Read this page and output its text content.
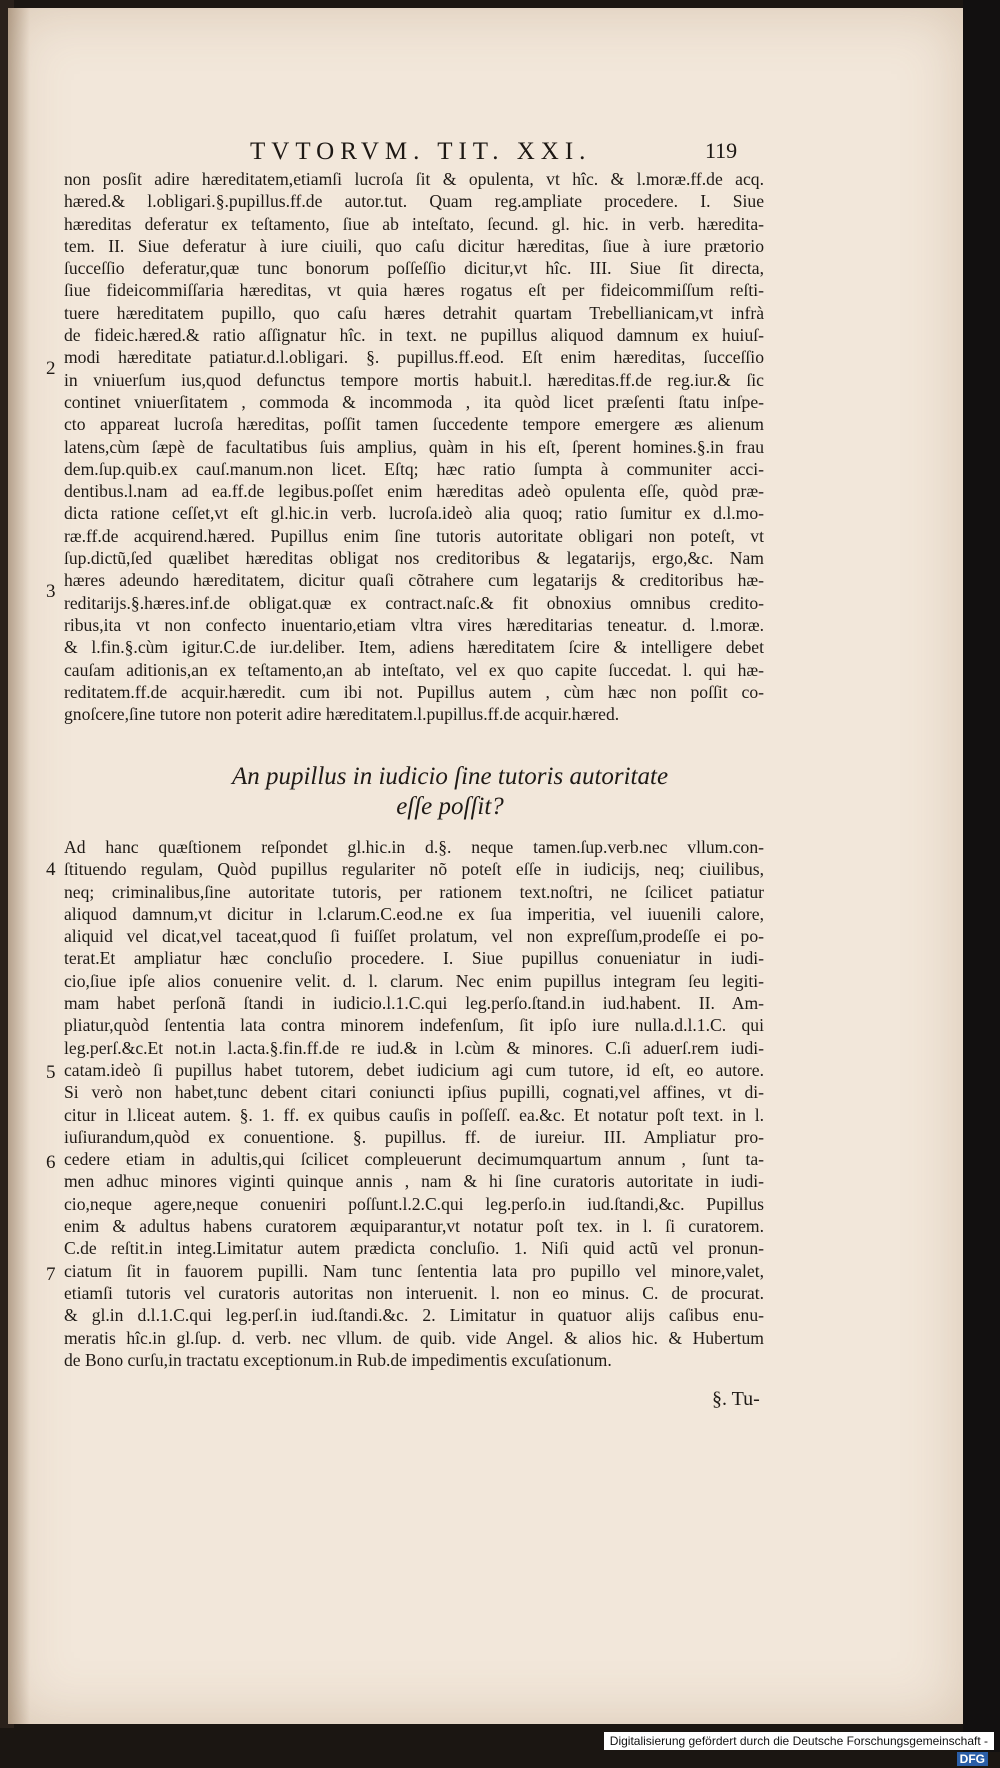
TVTORVM. TIT. XXI.	119
non posſit adire hæreditatem,etiamſi lucroſa ſit & opulenta, vt hîc. & l.moræ.ff.de acq.
hæred.& l.obligari.§.pupillus.ff.de autor.tut. Quam reg.ampliate procedere. I. Siue
hæreditas deferatur ex teſtamento, ſiue ab inteſtato, ſecund. gl. hic. in verb. hæredita-
tem. II. Siue deferatur à iure ciuili, quo caſu dicitur hæreditas, ſiue à iure prætorio
ſucceſſio deferatur,quæ tunc bonorum poſſeſſio dicitur,vt hîc. III. Siue ſit directa,
ſiue fideicommiſſaria hæreditas, vt quia hæres rogatus eſt per fideicommiſſum reſti-
tuere hæreditatem pupillo, quo caſu hæres detrahit quartam Trebellianicam,vt infrà
de fideic.hæred.& ratio aſſignatur hîc. in text. ne pupillus aliquod damnum ex huiuſ-
modi hæreditate patiatur.d.l.obligari. §. pupillus.ff.eod. Eſt enim hæreditas, ſucceſſio
in vniuerſum ius,quod defunctus tempore mortis habuit.l. hæreditas.ff.de reg.iur.& ſic
continet vniuerſitatem , commoda & incommoda , ita quòd licet præſenti ſtatu inſpe-
cto appareat lucroſa hæreditas, poſſit tamen ſuccedente tempore emergere æs alienum
latens,cùm ſæpè de facultatibus ſuis amplius, quàm in his eſt, ſperent homines.§.in frau
dem.ſup.quib.ex cauſ.manum.non licet. Eſtq; hæc ratio ſumpta à communiter acci-
dentibus.l.nam ad ea.ff.de legibus.poſſet enim hæreditas adeò opulenta eſſe, quòd præ-
dicta ratione ceſſet,vt eſt gl.hic.in verb. lucroſa.ideò alia quoq; ratio ſumitur ex d.l.mo-
ræ.ff.de acquirend.hæred. Pupillus enim ſine tutoris autoritate obligari non poteſt, vt
ſup.dictũ,ſed quælibet hæreditas obligat nos creditoribus & legatarijs, ergo,&c. Nam
hæres adeundo hæreditatem, dicitur quaſi cõtrahere cum legatarijs & creditoribus hæ-
reditarijs.§.hæres.inf.de obligat.quæ ex contract.naſc.& fit obnoxius omnibus credito-
ribus,ita vt non confecto inuentario,etiam vltra vires hæreditarias teneatur. d. l.moræ.
& l.fin.§.cùm igitur.C.de iur.deliber. Item, adiens hæreditatem ſcire & intelligere debet
cauſam aditionis,an ex teſtamento,an ab inteſtato, vel ex quo capite ſuccedat. l. qui hæ-
reditatem.ff.de acquir.hæredit. cum ibi not. Pupillus autem , cùm hæc non poſſit co-
gnoſcere,ſine tutore non poterit adire hæreditatem.l.pupillus.ff.de acquir.hæred.
An pupillus in iudicio ſine tutoris autoritate
eſſe poſſit?
Ad hanc quæſtionem reſpondet gl.hic.in d.§. neque tamen.ſup.verb.nec vllum.con-
ſtituendo regulam, Quòd pupillus regulariter nõ poteſt eſſe in iudicijs, neq; ciuilibus,
neq; criminalibus,ſine autoritate tutoris, per rationem text.noſtri, ne ſcilicet patiatur
aliquod damnum,vt dicitur in l.clarum.C.eod.ne ex ſua imperitia, vel iuuenili calore,
aliquid vel dicat,vel taceat,quod ſi fuiſſet prolatum, vel non expreſſum,prodeſſe ei po-
terat.Et ampliatur hæc concluſio procedere. I. Siue pupillus conueniatur in iudi-
cio,ſiue ipſe alios conuenire velit. d. l. clarum. Nec enim pupillus integram ſeu legiti-
mam habet perſonã ſtandi in iudicio.l.1.C.qui leg.perſo.ſtand.in iud.habent. II. Am-
pliatur,quòd ſententia lata contra minorem indefenſum, ſit ipſo iure nulla.d.l.1.C. qui
leg.perſ.&c.Et not.in l.acta.§.fin.ff.de re iud.& in l.cùm & minores. C.ſi aduerſ.rem iudi-
catam.ideò ſi pupillus habet tutorem, debet iudicium agi cum tutore, id eſt, eo autore.
Si verò non habet,tunc debent citari coniuncti ipſius pupilli, cognati,vel affines, vt di-
citur in l.liceat autem. §. 1. ff. ex quibus cauſis in poſſeſſ. ea.&c. Et notatur poſt text. in l.
iuſiurandum,quòd ex conuentione. §. pupillus. ff. de iureiur. III. Ampliatur pro-
cedere etiam in adultis,qui ſcilicet compleuerunt decimumquartum annum , ſunt ta-
men adhuc minores viginti quinque annis , nam & hi ſine curatoris autoritate in iudi-
cio,neque agere,neque conueniri poſſunt.l.2.C.qui leg.perſo.in iud.ſtandi,&c. Pupillus
enim & adultus habens curatorem æquiparantur,vt notatur poſt tex. in l. ſi curatorem.
C.de reſtit.in integ.Limitatur autem prædicta concluſio. 1. Niſi quid actũ vel pronun-
ciatum ſit in fauorem pupilli. Nam tunc ſententia lata pro pupillo vel minore,valet,
etiamſi tutoris vel curatoris autoritas non interuenit. l. non eo minus. C. de procurat.
& gl.in d.l.1.C.qui leg.perſ.in iud.ſtandi.&c. 2. Limitatur in quatuor alijs caſibus enu-
meratis hîc.in gl.ſup. d. verb. nec vllum. de quib. vide Angel. & alios hic. & Hubertum
de Bono curſu,in tractatu exceptionum.in Rub.de impedimentis excuſationum.
2
3
4
5
6
7
§. Tu-
Digitalisierung gefördert durch die Deutsche Forschungsgemeinschaft - DFG
